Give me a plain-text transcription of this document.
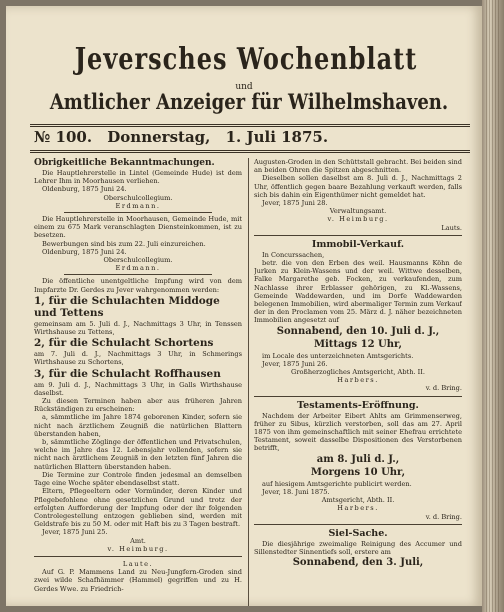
Jeversches Wochenblatt
und
Amtlicher Anzeiger für Wilhelmshaven.
№ 100. Donnerstag, 1. Juli 1875.

Obrigkeitliche Bekanntmachungen.

Die Hauptlehrerstelle in Lintel (Gemeinde Hude) ist dem Lehrer Ihm in Moorhausen verliehen.

Oldenburg, 1875 Juni 24.

Oberschulcollegium.

Erdmann.

Die Hauptlehrerstelle in Moorhausen, Gemeinde Hude, mit einem zu 675 Mark veranschlagten Diensteinkommen, ist zu besetzen.

Bewerbungen sind bis zum 22. Juli einzureichen.

Oldenburg, 1875 Juni 24.

Oberschulcollegium.

Erdmann.

Die öffentliche unentgeltliche Impfung wird von dem Impfarzte Dr. Gerdes zu Jever wahrgenommen werden:

1, für die Schulachten Middoge und Tettens

gemeinsam am 5. Juli d. J., Nachmittags 3 Uhr, in Tenssen Wirthshause zu Tettens,

2, für die Schulacht Schortens

am 7. Juli d. J., Nachmittags 3 Uhr, in Schmerings Wirthshause zu Schortens,

3, für die Schulacht Roffhausen

am 9. Juli d. J., Nachmittags 3 Uhr, in Galls Wirthshause daselbst.

Zu diesen Terminen haben aber aus früheren Jahren Rückständigen zu erscheinen:

a, sämmtliche im Jahre 1874 geborenen Kinder, sofern sie nicht nach ärztlichem Zeugniß die natürlichen Blattern überstanden haben,

b, sämmtliche Zöglinge der öffentlichen und Privatschulen, welche im Jahre das 12. Lebensjahr vollenden, sofern sie nicht nach ärztlichem Zeugniß in den letzten fünf Jahren die natürlichen Blattern überstanden haben.

Die Termine zur Controle finden jedesmal an demselben Tage eine Woche später ebendaselbst statt.

Eltern, Pflegeeltern oder Vormünder, deren Kinder und Pflegebefohlene ohne gesetzlichen Grund und trotz der erfolgten Aufforderung der Impfung oder der ihr folgenden Controlegestellung entzogen geblieben sind, werden mit Geldstrafe bis zu 50 M. oder mit Haft bis zu 3 Tagen bestraft.

Jever, 1875 Juni 25.

Amt.

v. Heimburg.

Laute.

Auf G. P. Mammens Land zu Neu-Jungfern-Groden sind zwei wilde Schafhämmer (Hammel) gegriffen und zu H. Gerdes Wwe. zu Friedrich-

Augusten-Groden in den Schüttstall gebracht. Bei beiden sind an beiden Ohren die Spitzen abgeschnitten.

Dieselben sollen daselbst am 8. Juli d. J., Nachmittags 2 Uhr, öffentlich gegen baare Bezahlung verkauft werden, falls sich bis dahin ein Eigenthümer nicht gemeldet hat.

Jever, 1875 Juni 28.

Verwaltungsamt.

v. Heimburg.

Lauts.

Immobil-Verkauf.

In Concurssachen,

betr. die von den Erben des weil. Hausmanns Köhn de Jurken zu Klein-Wassens und der weil. Wittwe desselben, Falke Margarethe geb. Focken, zu verkaufenden, zum Nachlasse ihrer Erblasser gehörigen, zu Kl.-Wassens, Gemeinde Waddewarden, und im Dorfe Waddewarden belegenen Immobilien, wird abermaliger Termin zum Verkauf der in den Proclamen vom 25. März d. J. näher bezeichneten Immobilien angesetzt auf

Sonnabend, den 10. Juli d. J.,

Mittags 12 Uhr,

im Locale des unterzeichneten Amtsgerichts.

Jever, 1875 Juni 26.

Großherzogliches Amtsgericht, Abth. II.

Harbers.

v. d. Bring.

Testaments-Eröffnung.

Nachdem der Arbeiter Eibert Ahlts am Grimmenserweg, früher zu Sibus, kürzlich verstorben, soll das am 27. April 1875 von ihm gemeinschaftlich mit seiner Ehefrau errichtete Testament, soweit dasselbe Dispositionen des Verstorbenen betrifft,

am 8. Juli d. J.,

Morgens 10 Uhr,

auf hiesigem Amtsgerichte publicirt werden.

Jever, 18. Juni 1875.

Amtsgericht, Abth. II.

Harbers.

v. d. Bring.

Siel-Sache.

Die diesjährige zweimalige Reinigung des Accumer und Sillenstedter Sinnentiefs soll, erstere am

Sonnabend, den 3. Juli,
